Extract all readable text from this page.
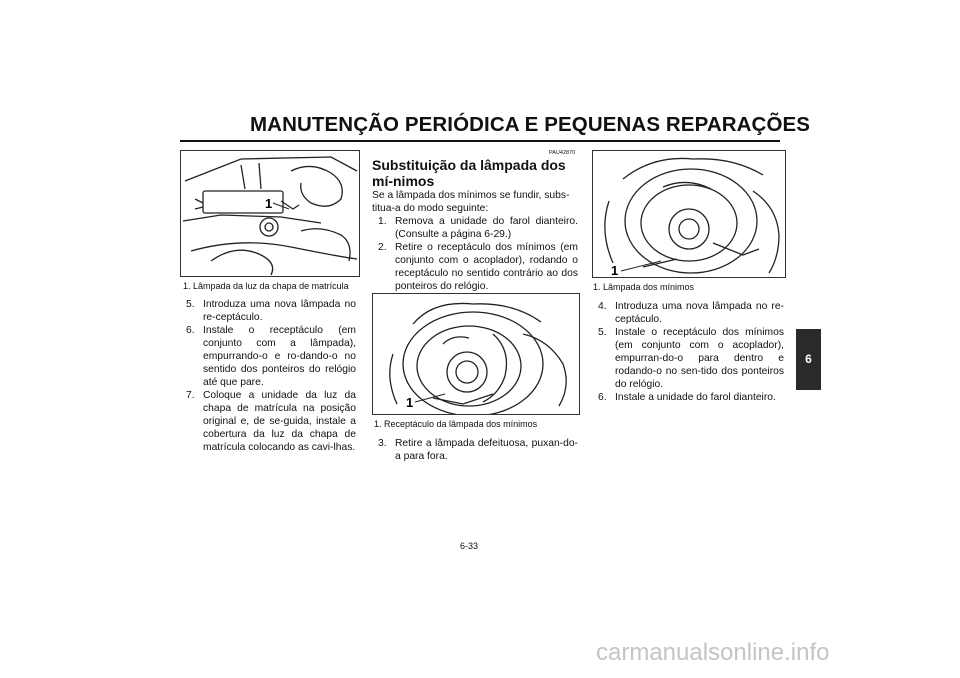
MANUTENÇÃO PERIÓDICA E PEQUENAS REPARAÇÕES
6
1
1. Lâmpada da luz da chapa de matrícula
5. Introduza uma nova lâmpada no re-ceptáculo.
6. Instale o receptáculo (em conjunto com a lâmpada), empurrando-o e ro-dando-o no sentido dos ponteiros do relógio até que pare.
7. Coloque a unidade da luz da chapa de matrícula na posição original e, de se-guida, instale a cobertura da luz da chapa de matrícula colocando as cavi-lhas.
PAU42870
Substituição da lâmpada dos mí-nimos
Se a lâmpada dos mínimos se fundir, subs-titua-a do modo seguinte:
1. Remova a unidade do farol dianteiro. (Consulte a página 6-29.)
2. Retire o receptáculo dos mínimos (em conjunto com o acoplador), rodando o receptáculo no sentido contrário ao dos ponteiros do relógio.
1
1. Receptáculo da lâmpada dos mínimos
3. Retire a lâmpada defeituosa, puxan-do-a para fora.
1
1. Lâmpada dos mínimos
4. Introduza uma nova lâmpada no re-ceptáculo.
5. Instale o receptáculo dos mínimos (em conjunto com o acoplador), empurran-do-o para dentro e rodando-o no sen-tido dos ponteiros do relógio.
6. Instale a unidade do farol dianteiro.
6-33
carmanualsonline.info
